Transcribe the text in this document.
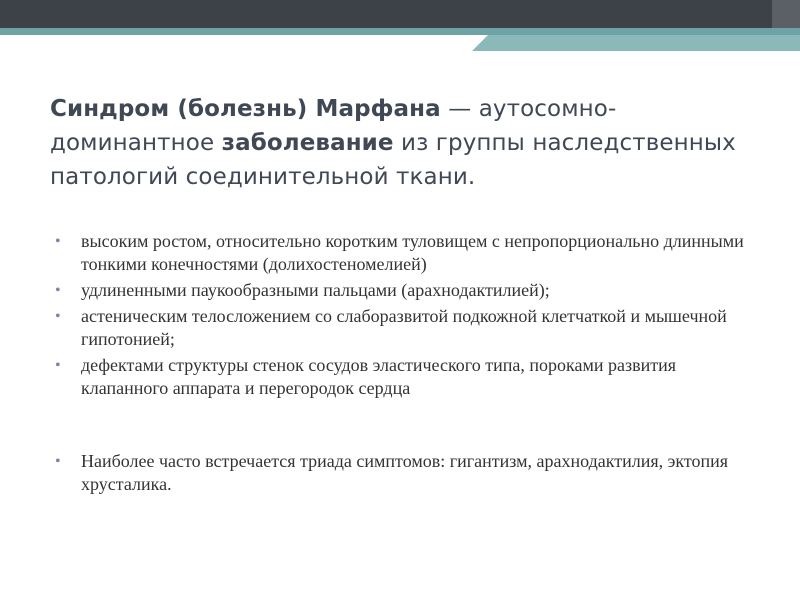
Синдром (болезнь) Марфана — аутосомно-доминантное заболевание из группы наследственных патологий соединительной ткани.
• высоким ростом, относительно коротким туловищем с непропорционально длинными тонкими конечностями (долихостеномелией)
• удлиненными паукообразными пальцами (арахнодактилией);
• астеническим телосложением со слаборазвитой подкожной клетчаткой и мышечной гипотонией;
• дефектами структуры стенок сосудов эластического типа, пороками развития клапанного аппарата и перегородок сердца
• Наиболее часто встречается триада симптомов: гигантизм, арахнодактилия, эктопия хрусталика.
